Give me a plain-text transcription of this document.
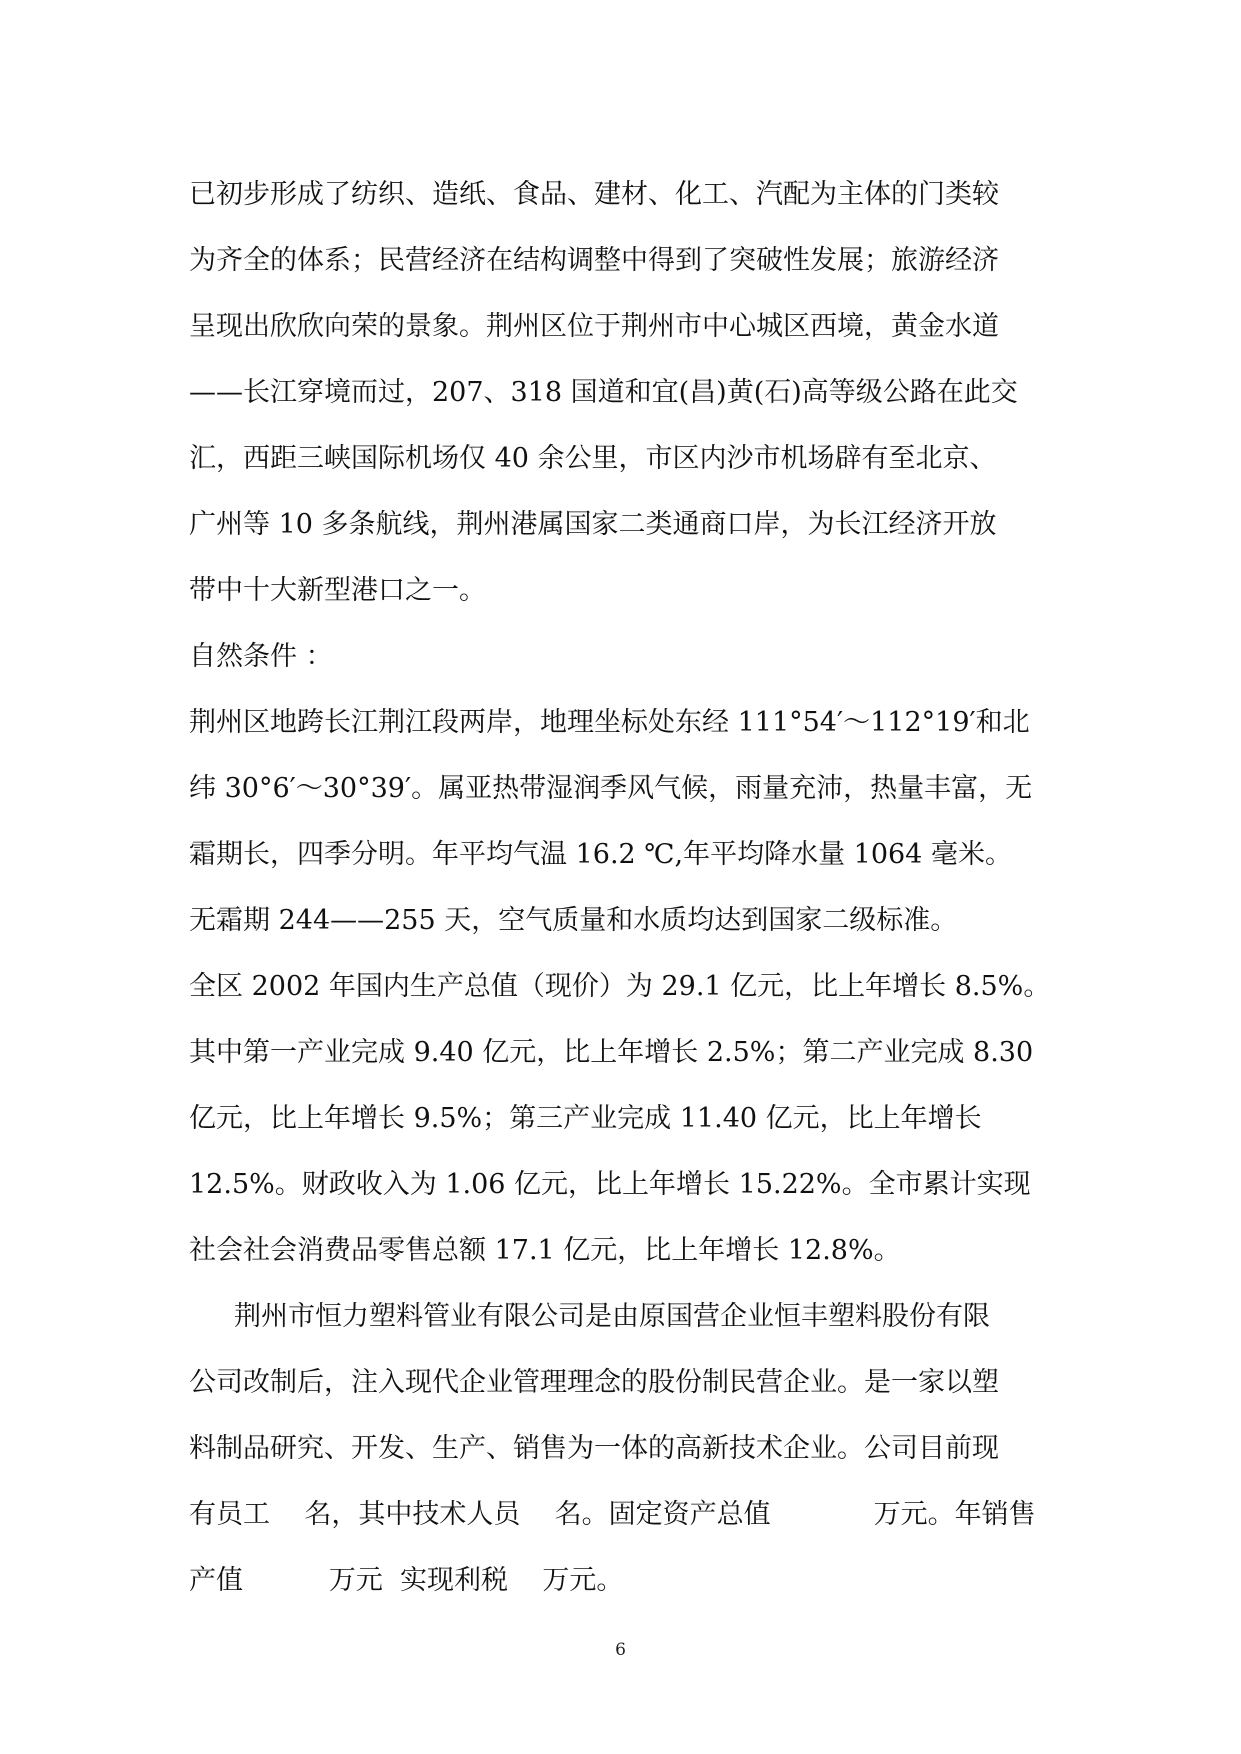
已初步形成了纺织、造纸、食品、建材、化工、汽配为主体的门类较
为齐全的体系；民营经济在结构调整中得到了突破性发展；旅游经济
呈现出欣欣向荣的景象。荆州区位于荆州市中心城区西境，黄金水道
——长江穿境而过，207、318 国道和宜(昌)黄(石)高等级公路在此交
汇，西距三峡国际机场仅 40 余公里，市区内沙市机场辟有至北京、
广州等 10 多条航线，荆州港属国家二类通商口岸，为长江经济开放
带中十大新型港口之一。
自然条件 ：
荆州区地跨长江荆江段两岸，地理坐标处东经 111°54′～112°19′和北
纬 30°6′～30°39′。属亚热带湿润季风气候，雨量充沛，热量丰富，无
霜期长，四季分明。年平均气温 16.2 ℃,年平均降水量 1064 毫米。
无霜期 244——255 天，空气质量和水质均达到国家二级标准。
全区 2002 年国内生产总值（现价）为 29.1 亿元，比上年增长 8.5%。
其中第一产业完成 9.40 亿元，比上年增长 2.5%；第二产业完成 8.30
亿元，比上年增长 9.5%；第三产业完成 11.40 亿元，比上年增长
12.5%。财政收入为 1.06 亿元，比上年增长 15.22%。全市累计实现
社会社会消费品零售总额 17.1 亿元，比上年增长 12.8%。
荆州市恒力塑料管业有限公司是由原国营企业恒丰塑料股份有限
公司改制后，注入现代企业管理理念的股份制民营企业。是一家以塑
料制品研究、开发、生产、销售为一体的高新技术企业。公司目前现
有员工    名，其中技术人员    名。固定资产总值            万元。年销售
产值          万元  实现利税    万元。
6
